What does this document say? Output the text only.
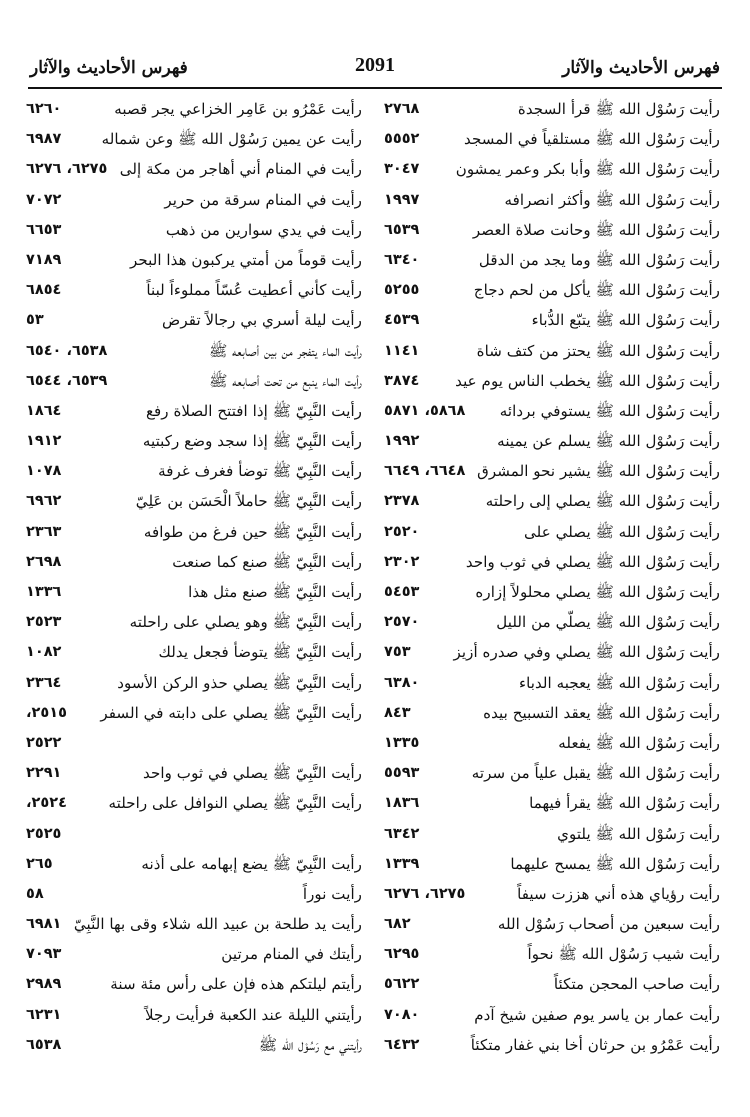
فهرس الأحاديث والآثار
2091
فهرس الأحاديث والآثار
رأيت رَسُوْل الله ﷺ قرأ السجدة
٢٧٦٨
رأيت رَسُوْل الله ﷺ مستلقياً في المسجد
٥٥٥٢
رأيت رَسُوْل الله ﷺ وأبا بكر وعمر يمشون
٣٠٤٧
رأيت رَسُوْل الله ﷺ وأكثر انصرافه
١٩٩٧
رأيت رَسُوْل الله ﷺ وحانت صلاة العصر
٦٥٣٩
رأيت رَسُوْل الله ﷺ وما يجد من الدقل
٦٣٤٠
رأيت رَسُوْل الله ﷺ يأكل من لحم دجاج
٥٢٥٥
رأيت رَسُوْل الله ﷺ يتبّع الدُّباء
٤٥٣٩
رأيت رَسُوْل الله ﷺ يحتز من كتف شاة
١١٤١
رأيت رَسُوْل الله ﷺ يخطب الناس يوم عيد
٣٨٧٤
رأيت رَسُوْل الله ﷺ يستوفي بردائه
٥٨٦٨، ٥٨٧١
رأيت رَسُوْل الله ﷺ يسلم عن يمينه
١٩٩٢
رأيت رَسُوْل الله ﷺ يشير نحو المشرق
٦٦٤٨، ٦٦٤٩
رأيت رَسُوْل الله ﷺ يصلي إلى راحلته
٢٣٧٨
رأيت رَسُوْل الله ﷺ يصلي على
٢٥٢٠
رأيت رَسُوْل الله ﷺ يصلي في ثوب واحد
٢٣٠٢
رأيت رَسُوْل الله ﷺ يصلي محلولاً إزاره
٥٤٥٣
رأيت رَسُوْل الله ﷺ يصلّي من الليل
٢٥٧٠
رأيت رَسُوْل الله ﷺ يصلي وفي صدره أزيز
٧٥٣
رأيت رَسُوْل الله ﷺ يعجبه الدباء
٦٣٨٠
رأيت رَسُوْل الله ﷺ يعقد التسبيح بيده
٨٤٣
رأيت رَسُوْل الله ﷺ يفعله
١٣٣٥
رأيت رَسُوْل الله ﷺ يقبل علياً من سرته
٥٥٩٣
رأيت رَسُوْل الله ﷺ يقرأ فيهما
١٨٣٦
رأيت رَسُوْل الله ﷺ يلتوي
٦٣٤٢
رأيت رَسُوْل الله ﷺ يمسح عليهما
١٣٣٩
رأيت رؤياي هذه أني هززت سيفاً
٦٢٧٥، ٦٢٧٦
رأيت سبعين من أصحاب رَسُوْل الله
٦٨٢
رأيت شيب رَسُوْل الله ﷺ نحواً
٦٢٩٥
رأيت صاحب المحجن متكئاً
٥٦٢٢
رأيت عمار بن ياسر يوم صفين شيخ آدم
٧٠٨٠
رأيت عَمْرُو بن حرثان أخا بني غفار متكئاً
٦٤٣٢
رأيت عَمْرُو بن عَامِر الخزاعي يجر قصبه
٦٢٦٠
رأيت عن يمين رَسُوْل الله ﷺ وعن شماله
٦٩٨٧
رأيت في المنام أني أهاجر من مكة إلى
٦٢٧٥، ٦٢٧٦
رأيت في المنام سرقة من حرير
٧٠٧٢
رأيت في يدي سوارين من ذهب
٦٦٥٣
رأيت قوماً من أمتي يركبون هذا البحر
٧١٨٩
رأيت كأني أعطيت عُسّاً مملوءاً لبناً
٦٨٥٤
رأيت ليلة أسري بي رجالاً تقرض
٥٣
رأيت الماء يتفجر من بين أصابعه ﷺ
٦٥٣٨، ٦٥٤٠
رأيت الماء ينبع من تحت أصابعه ﷺ
٦٥٣٩، ٦٥٤٤
رأيت النَّبِيّ ﷺ إذا افتتح الصلاة رفع
١٨٦٤
رأيت النَّبِيّ ﷺ إذا سجد وضع ركبتيه
١٩١٢
رأيت النَّبِيّ ﷺ توضأ فغرف غرفة
١٠٧٨
رأيت النَّبِيّ ﷺ حاملاً الْحَسَن بن عَلِيّ
٦٩٦٢
رأيت النَّبِيّ ﷺ حين فرغ من طوافه
٢٣٦٣
رأيت النَّبِيّ ﷺ صنع كما صنعت
٢٦٩٨
رأيت النَّبِيّ ﷺ صنع مثل هذا
١٣٣٦
رأيت النَّبِيّ ﷺ وهو يصلي على راحلته
٢٥٢٣
رأيت النَّبِيّ ﷺ يتوضأ فجعل يدلك
١٠٨٢
رأيت النَّبِيّ ﷺ يصلي حذو الركن الأسود
٢٣٦٤
رأيت النَّبِيّ ﷺ يصلي على دابته في السفر
٢٥١٥،
٢٥٢٢
رأيت النَّبِيّ ﷺ يصلي في ثوب واحد
٢٢٩١
رأيت النَّبِيّ ﷺ يصلي النوافل على راحلته
٢٥٢٤،
٢٥٢٥
رأيت النَّبِيّ ﷺ يضع إبهامه على أذنه
٢٦٥
رأيت نوراً
٥٨
رأيت يد طلحة بن عبيد الله شلاء وقى بها النَّبِيّ
٦٩٨١
رأيتك في المنام مرتين
٧٠٩٣
رأيتم ليلتكم هذه فإن على رأس مئة سنة
٢٩٨٩
رأيتني الليلة عند الكعبة فرأيت رجلاً
٦٢٣١
رأيتني مع رَسُوْل الله ﷺ
٦٥٣٨
